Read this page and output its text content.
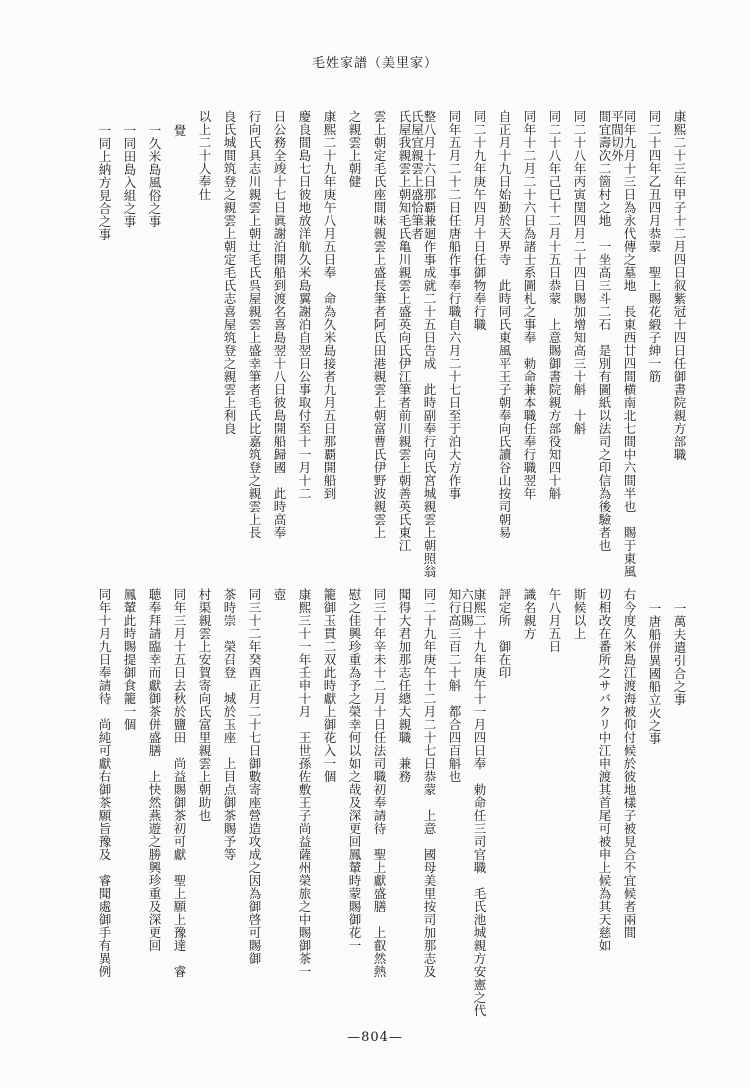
毛姓家譜（美里家）
康熙二十三年甲子十二月四日叙紫冠十四日任御書院親方部職同二十四年乙丑四月恭蒙　聖上賜花緞子紳一筋同年九月十三日為永代傳之墓地　長東西廿四間横南北七間中六間半也　賜于東風平間切外間宜壽次二箇村之地　一坐高三斗二石　是別有圖紙以法司之印信為後驗者也同二十八年丙寅閏四月二十四日賜加增知高三十斛　十斛同二十八年己巳十二月十五日恭蒙　上意賜御書院親方部役知四十斛同年十二月二十六日為諸士系圖札之事奉　勅命兼本職任奉行職翌年自正月十九日始勤於天界寺　此時同氏東風平王子朝奉向氏讀谷山按司朝易同二十九年庚午四月十日任御物奉行職同年五月二十二日任唐船作事奉行職自六月二十七日至于泊大方作事整八月十六日那覇兼廻作事成就二十五日告成　此時副奉行向氏宮城親雲上朝照翁氏屋宜親雲上盛恰筆者氏屋我親雲上朝知毛氏亀川親雲上盛英向氏伊江筆者前川親雲上朝善英氏東江雲上朝定毛氏座間味親雲上盛長筆者阿氏田港親雲上朝富曹氏伊野波親雲上之親雲上朝健康熙二十九年庚午八月五日奉　命為久米島接者九月五日那覇開船到慶良間島七日彼地放洋航久米島翼謝泊自翌日公事取付至十一月十二日公務全竣十七日眞謝泊開船到渡名喜島翌十八日彼島開船歸國　此時高奉行向氏具志川親雲上朝辻毛氏呉屋親雲上盛幸筆者毛氏比嘉筑登之親雲上長良氏城間筑登之親雲上朝定毛氏志喜屋筑登之親雲上利良以上二十人奉仕覺一久米島風俗之事一同田島入組之事一同上納方見合之事
一萬夫遣引合之事一唐船併異國船立火之事右今度久米島江渡海被仰付候於彼地樣子被見合不宜候者兩間切相改在番所之サバクリ中江申渡其首尾可被申上候為其天慈如斯候以上午八月五日識名親方評定所　御在印康熙二十九年庚午十一月四日奉　勅命任三司官職　毛氏池城親方安憲之代　六日賜知行高三百二十斛　都合四百斛也同二十九年庚午十二月二十七日恭蒙　上意　國母美里按司加那志及聞得大君加那志任總大親職　兼務同三十年辛未十二月十日任法司職初奉請待　聖上獻盛膳　上叡然熱慰之佳興珍重為予之榮幸何以如之哉及深更回鳳輦時蒙賜御花一籠御玉貫二双此時獻上御花入一個康熙三十一年壬申十月　王世孫佐敷王子尚益薩州榮旅之中賜御茶一壺同三十二年癸酉正月二十七日御數寄座營造攻成之因為御啓可賜御茶時崇　榮召登　城於玉座　上目点御茶賜予等村渠親雲上安賀寄向氏富里親雲上朝助也同年三月十五日去秋於鹽田　尚益賜御茶初可獻　聖上願上豫達　睿聴奉拜請臨幸而獻御茶併盛膳　上快然燕遊之勝興珍重及深更回鳳輦此時賜提御食籠一個同年十月九日奉請待　尚純可獻右御茶願旨豫及　睿聞處御手有異例
—804—
